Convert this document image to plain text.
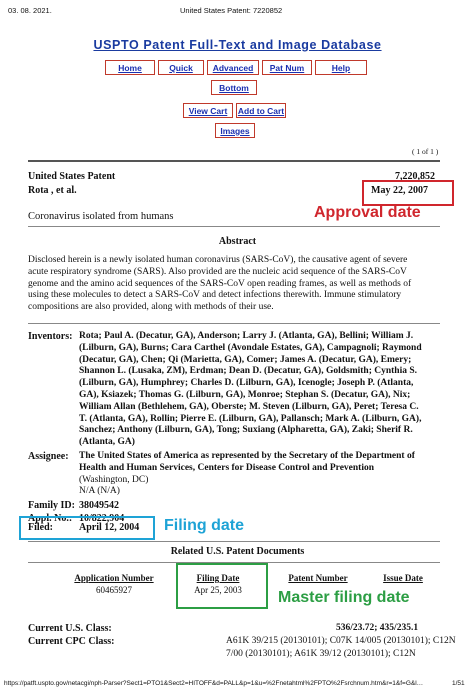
03. 08. 2021.	United States Patent: 7220852
USPTO Patent Full-Text and Image Database
Home	Quick	Advanced	Pat Num	Help
Bottom
View Cart	Add to Cart
Images
( 1 of 1 )
United States Patent	7,220,852
Rota , et al.	May 22, 2007
Coronavirus isolated from humans	Approval date
Abstract
Disclosed herein is a newly isolated human coronavirus (SARS-CoV), the causative agent of severe
acute respiratory syndrome (SARS). Also provided are the nucleic acid sequence of the SARS-CoV
genome and the amino acid sequences of the SARS-CoV open reading frames, as well as methods of
using these molecules to detect a SARS-CoV and detect infections therewith. Immune stimulatory
compositions are also provided, along with methods of their use.
Inventors: Rota; Paul A. (Decatur, GA), Anderson; Larry J. (Atlanta, GA), Bellini; William J.
(Lilburn, GA), Burns; Cara Carthel (Avondale Estates, GA), Campagnoli; Raymond
(Decatur, GA), Chen; Qi (Marietta, GA), Comer; James A. (Decatur, GA), Emery;
Shannon L. (Lusaka, ZM), Erdman; Dean D. (Decatur, GA), Goldsmith; Cynthia S.
(Lilburn, GA), Humphrey; Charles D. (Lilburn, GA), Icenogle; Joseph P. (Atlanta,
GA), Ksiazek; Thomas G. (Lilburn, GA), Monroe; Stephan S. (Decatur, GA), Nix;
William Allan (Bethlehem, GA), Oberste; M. Steven (Lilburn, GA), Peret; Teresa C.
T. (Atlanta, GA), Rollin; Pierre E. (Lilburn, GA), Pallansch; Mark A. (Lilburn, GA),
Sanchez; Anthony (Lilburn, GA), Tong; Suxiang (Alpharetta, GA), Zaki; Sherif R.
(Atlanta, GA)
Assignee: The United States of America as represented by the Secretary of the Department of
Health and Human Services, Centers for Disease Control and Prevention
(Washington, DC)
N/A (N/A)
Family ID: 38049542
Appl. No.: 10/822,904
Filed:	April 12, 2004 Filing date
Related U.S. Patent Documents
Application Number	Filing Date	Patent Number	Issue Date
60465927	Apr 25, 2003	Master filing date
Current U.S. Class:	536/23.72; 435/235.1
Current CPC Class:	A61K 39/215 (20130101); C07K 14/005 (20130101); C12N
7/00 (20130101); A61K 39/12 (20130101); C12N
https://patft.uspto.gov/netacgi/nph-Parser?Sect1=PTO1&Sect2=HITOFF&d=PALL&p=1&u=%2Fnetahtml%2FPTO%2Fsrchnum.htm&r=1&f=G&l…	1/51
